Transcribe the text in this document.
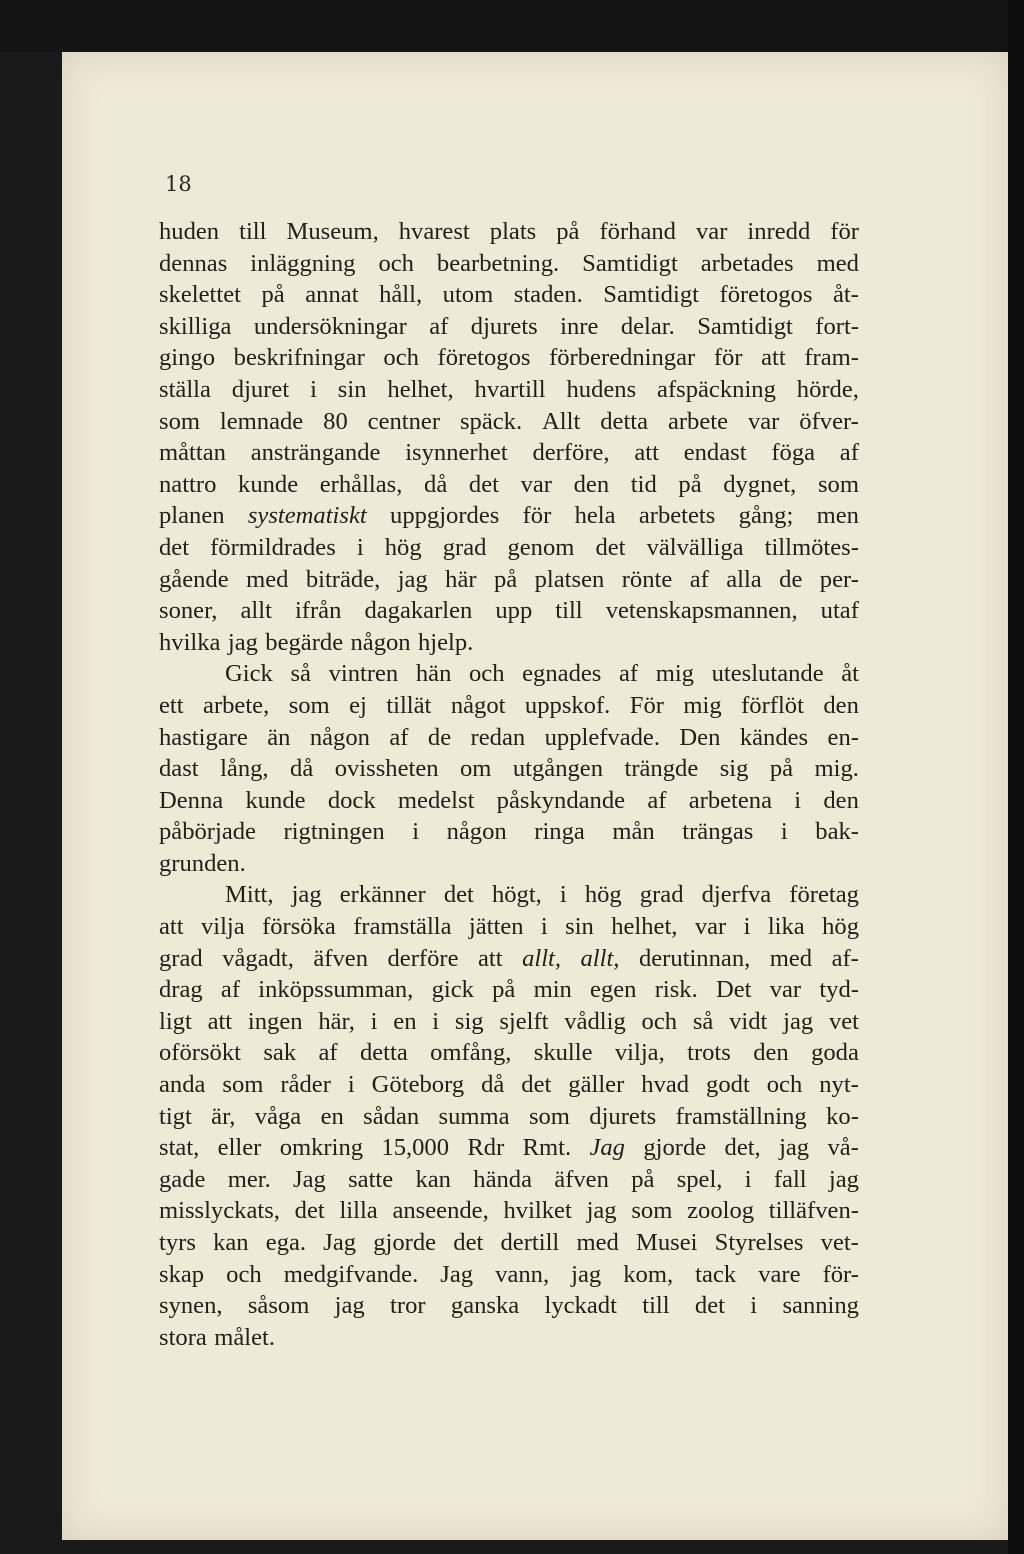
18
huden till Museum, hvarest plats på förhand var inredd för
dennas inläggning och bearbetning. Samtidigt arbetades med
skelettet på annat håll, utom staden. Samtidigt företogos åt-
skilliga undersökningar af djurets inre delar. Samtidigt fort-
gingo beskrifningar och företogos förberedningar för att fram-
ställa djuret i sin helhet, hvartill hudens afspäckning hörde,
som lemnade 80 centner späck. Allt detta arbete var öfver-
måttan ansträngande isynnerhet derföre, att endast föga af
nattro kunde erhållas, då det var den tid på dygnet, som
planen systematiskt uppgjordes för hela arbetets gång; men
det förmildrades i hög grad genom det välvälliga tillmötes-
gående med biträde, jag här på platsen rönte af alla de per-
soner, allt ifrån dagakarlen upp till vetenskapsmannen, utaf
hvilka jag begärde någon hjelp.
Gick så vintren hän och egnades af mig uteslutande åt
ett arbete, som ej tillät något uppskof. För mig förflöt den
hastigare än någon af de redan upplefvade. Den kändes en-
dast lång, då ovissheten om utgången trängde sig på mig.
Denna kunde dock medelst påskyndande af arbetena i den
påbörjade rigtningen i någon ringa mån trängas i bak-
grunden.
Mitt, jag erkänner det högt, i hög grad djerfva företag
att vilja försöka framställa jätten i sin helhet, var i lika hög
grad vågadt, äfven derföre att allt, allt, derutinnan, med af-
drag af inköpssumman, gick på min egen risk. Det var tyd-
ligt att ingen här, i en i sig sjelft vådlig och så vidt jag vet
oförsökt sak af detta omfång, skulle vilja, trots den goda
anda som råder i Göteborg då det gäller hvad godt och nyt-
tigt är, våga en sådan summa som djurets framställning ko-
stat, eller omkring 15,000 Rdr Rmt. Jag gjorde det, jag vå-
gade mer. Jag satte kan hända äfven på spel, i fall jag
misslyckats, det lilla anseende, hvilket jag som zoolog tilläfven-
tyrs kan ega. Jag gjorde det dertill med Musei Styrelses vet-
skap och medgifvande. Jag vann, jag kom, tack vare för-
synen, såsom jag tror ganska lyckadt till det i sanning
stora målet.
